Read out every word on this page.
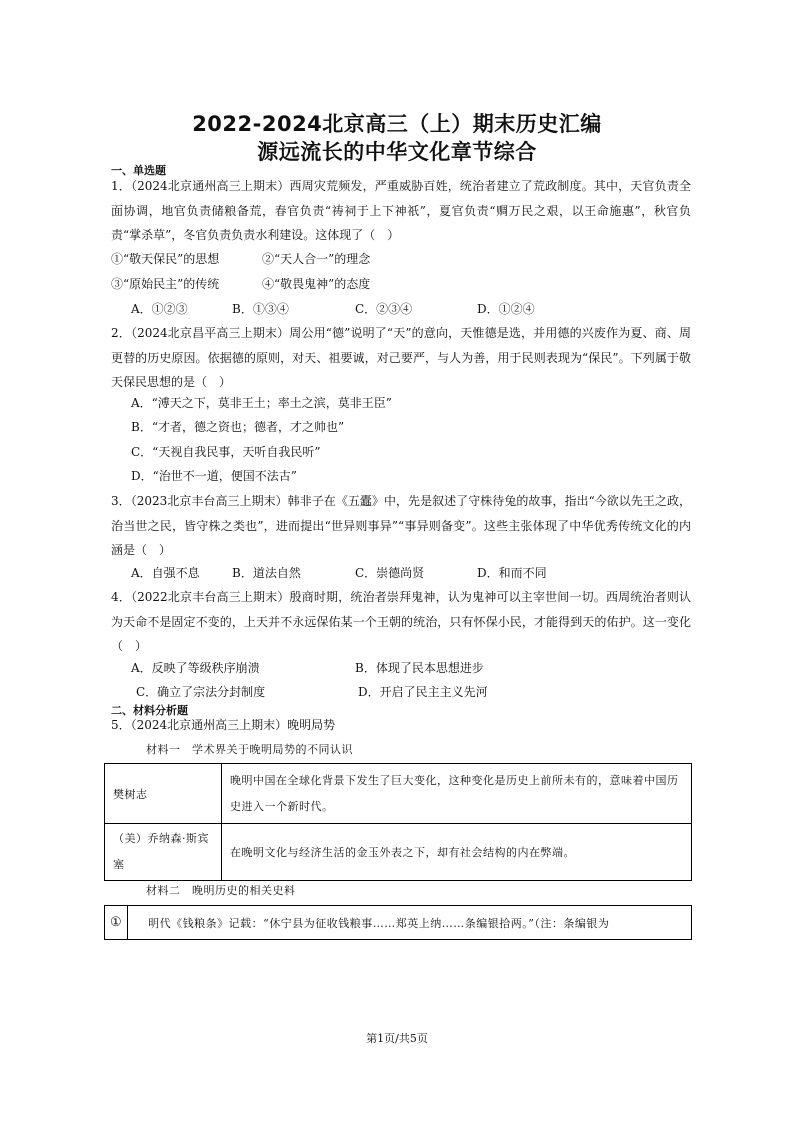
2022-2024北京高三（上）期末历史汇编
源远流长的中华文化章节综合
一、单选题
1．（2024北京通州高三上期末）西周灾荒频发，严重威胁百姓，统治者建立了荒政制度。其中，天官负责全面协调，地官负责储粮备荒，春官负责“祷祠于上下神祇”，夏官负责“赒万民之艰，以王命施惠”，秋官负责“掌杀草”，冬官负责负责水利建设。这体现了（　）
①“敬天保民”的思想	②“天人合一”的理念
③“原始民主”的传统	④“敬畏鬼神”的态度
A．①②③	B．①③④	C．②③④	D．①②④
2．（2024北京昌平高三上期末）周公用“德”说明了“天”的意向，天惟德是选，并用德的兴废作为夏、商、周更替的历史原因。依据德的原则，对天、祖要诚，对己要严，与人为善，用于民则表现为“保民”。下列属于敬天保民思想的是（　）
A．“溥天之下，莫非王土；率土之滨，莫非王臣”
B．“才者，德之资也；德者，才之帅也”
C．“天视自我民事，天听自我民听”
D．“治世不一道，便国不法古”
3．（2023北京丰台高三上期末）韩非子在《五蠹》中，先是叙述了守株待兔的故事，指出“今欲以先王之政，治当世之民，皆守株之类也”，进而提出“世异则事异”“事异则备变”。这些主张体现了中华优秀传统文化的内涵是（　）
A．自强不息	B．道法自然	C．崇德尚贤	D．和而不同
4．（2022北京丰台高三上期末）殷商时期，统治者崇拜鬼神，认为鬼神可以主宰世间一切。西周统治者则认为天命不是固定不变的，上天并不永远保佑某一个王朝的统治，只有怀保小民，才能得到天的佑护。这一变化（　）
A．反映了等级秩序崩溃	B．体现了民本思想进步
C．确立了宗法分封制度	D．开启了民主主义先河
二、材料分析题
5．（2024北京通州高三上期末）晚明局势
材料一　学术界关于晚明局势的不同认识
樊树志	晚明中国在全球化背景下发生了巨大变化，这种变化是历史上前所未有的，意味着中国历史进入一个新时代。
（美）乔纳森·斯宾塞	在晚明文化与经济生活的金玉外表之下，却有社会结构的内在弊端。
材料二　晚明历史的相关史料
①	明代《钱粮条》记载：“休宁县为征收钱粮事……郑英上纳……条编银拾两。”（注：条编银为
第1页/共5页
